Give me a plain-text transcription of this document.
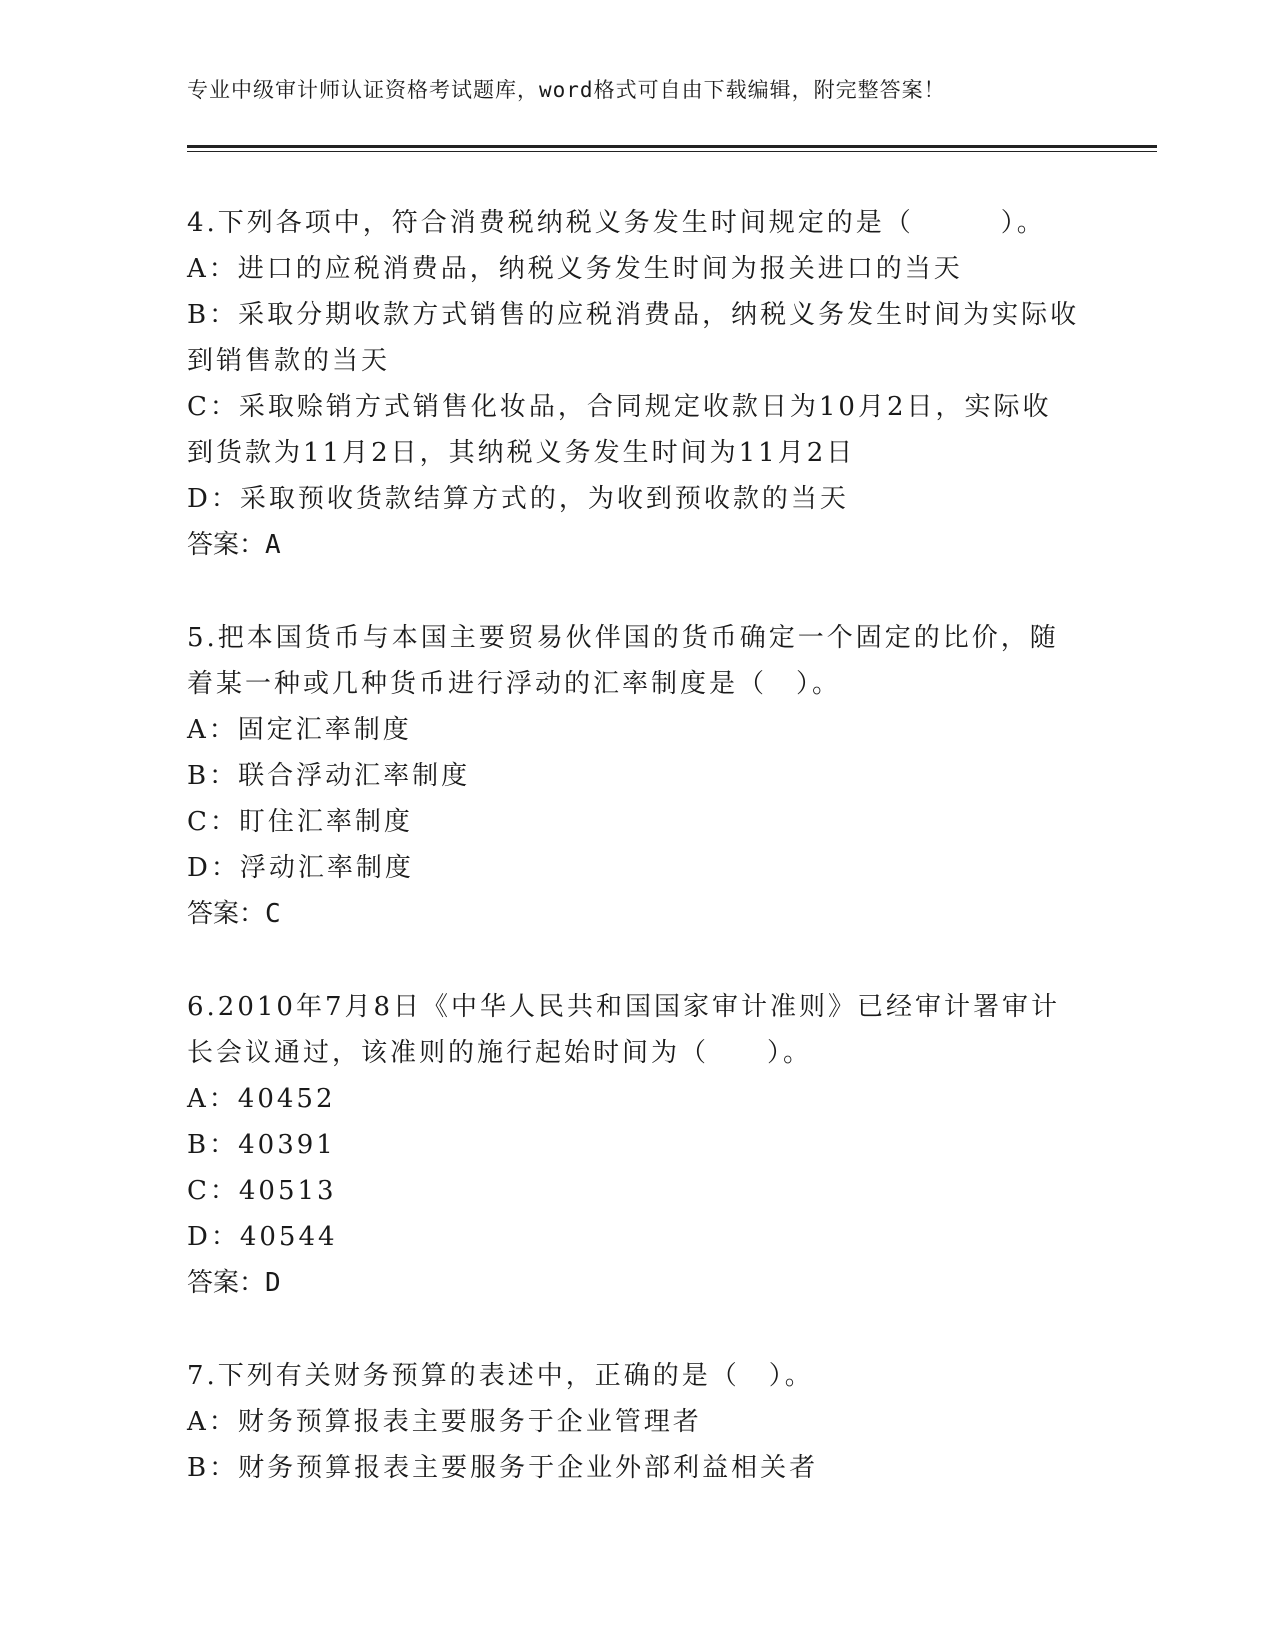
专业中级审计师认证资格考试题库，word格式可自由下载编辑，附完整答案！
4.下列各项中，符合消费税纳税义务发生时间规定的是（　　　）。
A：进口的应税消费品，纳税义务发生时间为报关进口的当天
B：采取分期收款方式销售的应税消费品，纳税义务发生时间为实际收
到销售款的当天
C：采取赊销方式销售化妆品，合同规定收款日为10月2日，实际收
到货款为11月2日，其纳税义务发生时间为11月2日
D：采取预收货款结算方式的，为收到预收款的当天
答案：A
5.把本国货币与本国主要贸易伙伴国的货币确定一个固定的比价，随
着某一种或几种货币进行浮动的汇率制度是（　）。
A：固定汇率制度
B：联合浮动汇率制度
C：盯住汇率制度
D：浮动汇率制度
答案：C
6.2010年7月8日《中华人民共和国国家审计准则》已经审计署审计
长会议通过，该准则的施行起始时间为（　　）。
A：40452
B：40391
C：40513
D：40544
答案：D
7.下列有关财务预算的表述中，正确的是（　）。
A：财务预算报表主要服务于企业管理者
B：财务预算报表主要服务于企业外部利益相关者
